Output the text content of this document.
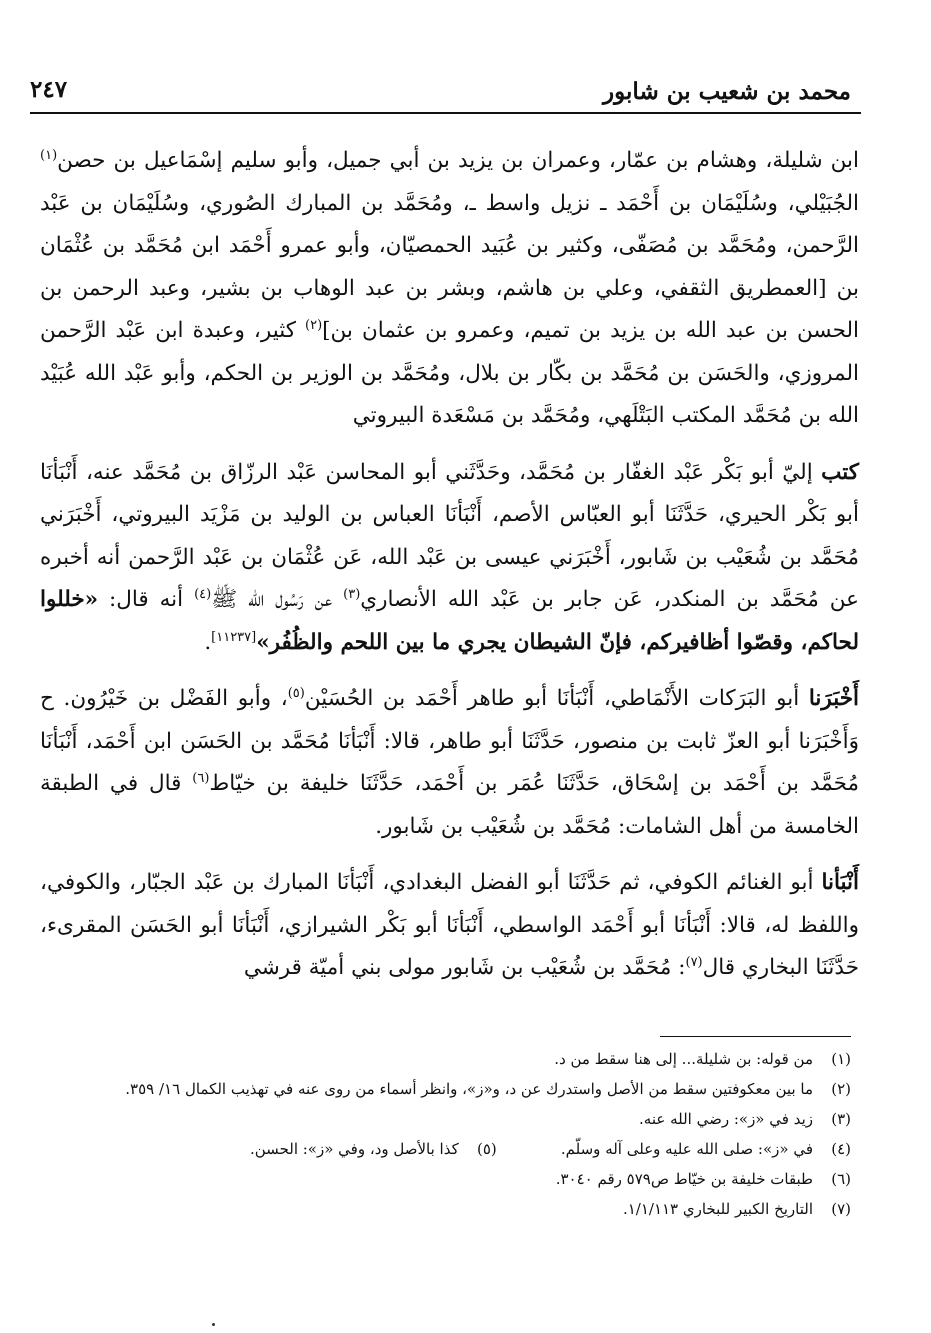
محمد بن شعيب بن شابور
٢٤٧

ابن شليلة، وهشام بن عمّار، وعمران بن يزيد بن أبي جميل، وأبو سليم إسْمَاعيل بن حصن$^{(١)}$ الجُبَيْلي، وسُلَيْمَان بن أَحْمَد ـ نزيل واسط ـ، ومُحَمَّد بن المبارك الصُوري، وسُلَيْمَان بن عَبْد الرَّحمن، ومُحَمَّد بن مُصَفّى، وكثير بن عُبَيد الحمصيّان، وأبو عمرو أَحْمَد ابن مُحَمَّد بن عُثْمَان بن [العمطريق الثقفي، وعلي بن هاشم، وبشر بن عبد الوهاب بن بشير، وعبد الرحمن بن الحسن بن عبد الله بن يزيد بن تميم، وعمرو بن عثمان بن]$^{(٢)}$ كثير، وعبدة ابن عَبْد الرَّحمن المروزي، والحَسَن بن مُحَمَّد بن بكّار بن بلال، ومُحَمَّد بن الوزير بن الحكم، وأبو عَبْد الله عُبَيْد الله بن مُحَمَّد المكتب البَتْلَهي، ومُحَمَّد بن مَسْعَدة البيروتي

كتب إليّ أبو بَكْر عَبْد الغفّار بن مُحَمَّد، وحَدَّثَني أبو المحاسن عَبْد الرزّاق بن مُحَمَّد عنه، أَنْبَأنَا أبو بَكْر الحيري، حَدَّثَنَا أبو العبّاس الأصم، أَنْبَأنَا العباس بن الوليد بن مَزْيَد البيروتي، أَخْبَرَني مُحَمَّد بن شُعَيْب بن شَابور، أَخْبَرَني عيسى بن عَبْد الله، عَن عُثْمَان بن عَبْد الرَّحمن أنه أخبره عن مُحَمَّد بن المنكدر، عَن جابر بن عَبْد الله الأنصاري$^{(٣)}$ عن رَسُول الله ﷺ$^{(٤)}$ أنه قال: «خللوا لحاكم، وقصّوا أظافيركم، فإنّ الشيطان يجري ما بين اللحم والظُفُر»[١١٢٣٧].

أَخْبَرَنا أبو البَرَكات الأَنْمَاطي، أَنْبَأنَا أبو طاهر أَحْمَد بن الحُسَيْن$^{(٥)}$، وأبو الفَضْل بن خَيْرُون. ح وَأَخْبَرَنا أبو العزّ ثابت بن منصور، حَدَّثَنَا أبو طاهر، قالا: أَنْبَأنَا مُحَمَّد بن الحَسَن ابن أَحْمَد، أَنْبَأنَا مُحَمَّد بن أَحْمَد بن إسْحَاق، حَدَّثَنَا عُمَر بن أَحْمَد، حَدَّثَنَا خليفة بن خيّاط$^{(٦)}$ قال في الطبقة الخامسة من أهل الشامات: مُحَمَّد بن شُعَيْب بن شَابور.

أَنْبَأنا أبو الغنائم الكوفي، ثم حَدَّثَنَا أبو الفضل البغدادي، أَنْبَأنَا المبارك بن عَبْد الجبّار، والكوفي، واللفظ له، قالا: أَنْبَأنَا أبو أَحْمَد الواسطي، أَنْبَأنَا أبو بَكْر الشيرازي، أَنْبَأنَا أبو الحَسَن المقرىء، حَدَّثَنَا البخاري قال$^{(٧)}$: مُحَمَّد بن شُعَيْب بن شَابور مولى بني أميّة قرشي

(١)
من قوله: بن شليلة... إلى هنا سقط من د.
(٢)
ما بين معكوفتين سقط من الأصل واستدرك عن د، و«ز»، وانظر أسماء من روى عنه في تهذيب الكمال ١٦/ ٣٥٩.
(٣)
زيد في «ز»: رضي الله عنه.
(٤)
في «ز»: صلى الله عليه وعلى آله وسلّم.
(٥)
كذا بالأصل ود، وفي «ز»: الحسن.
(٦)
طبقات خليفة بن خيّاط ص٥٧٩ رقم ٣٠٤٠.
(٧)
التاريخ الكبير للبخاري ١/١/١١٣.
